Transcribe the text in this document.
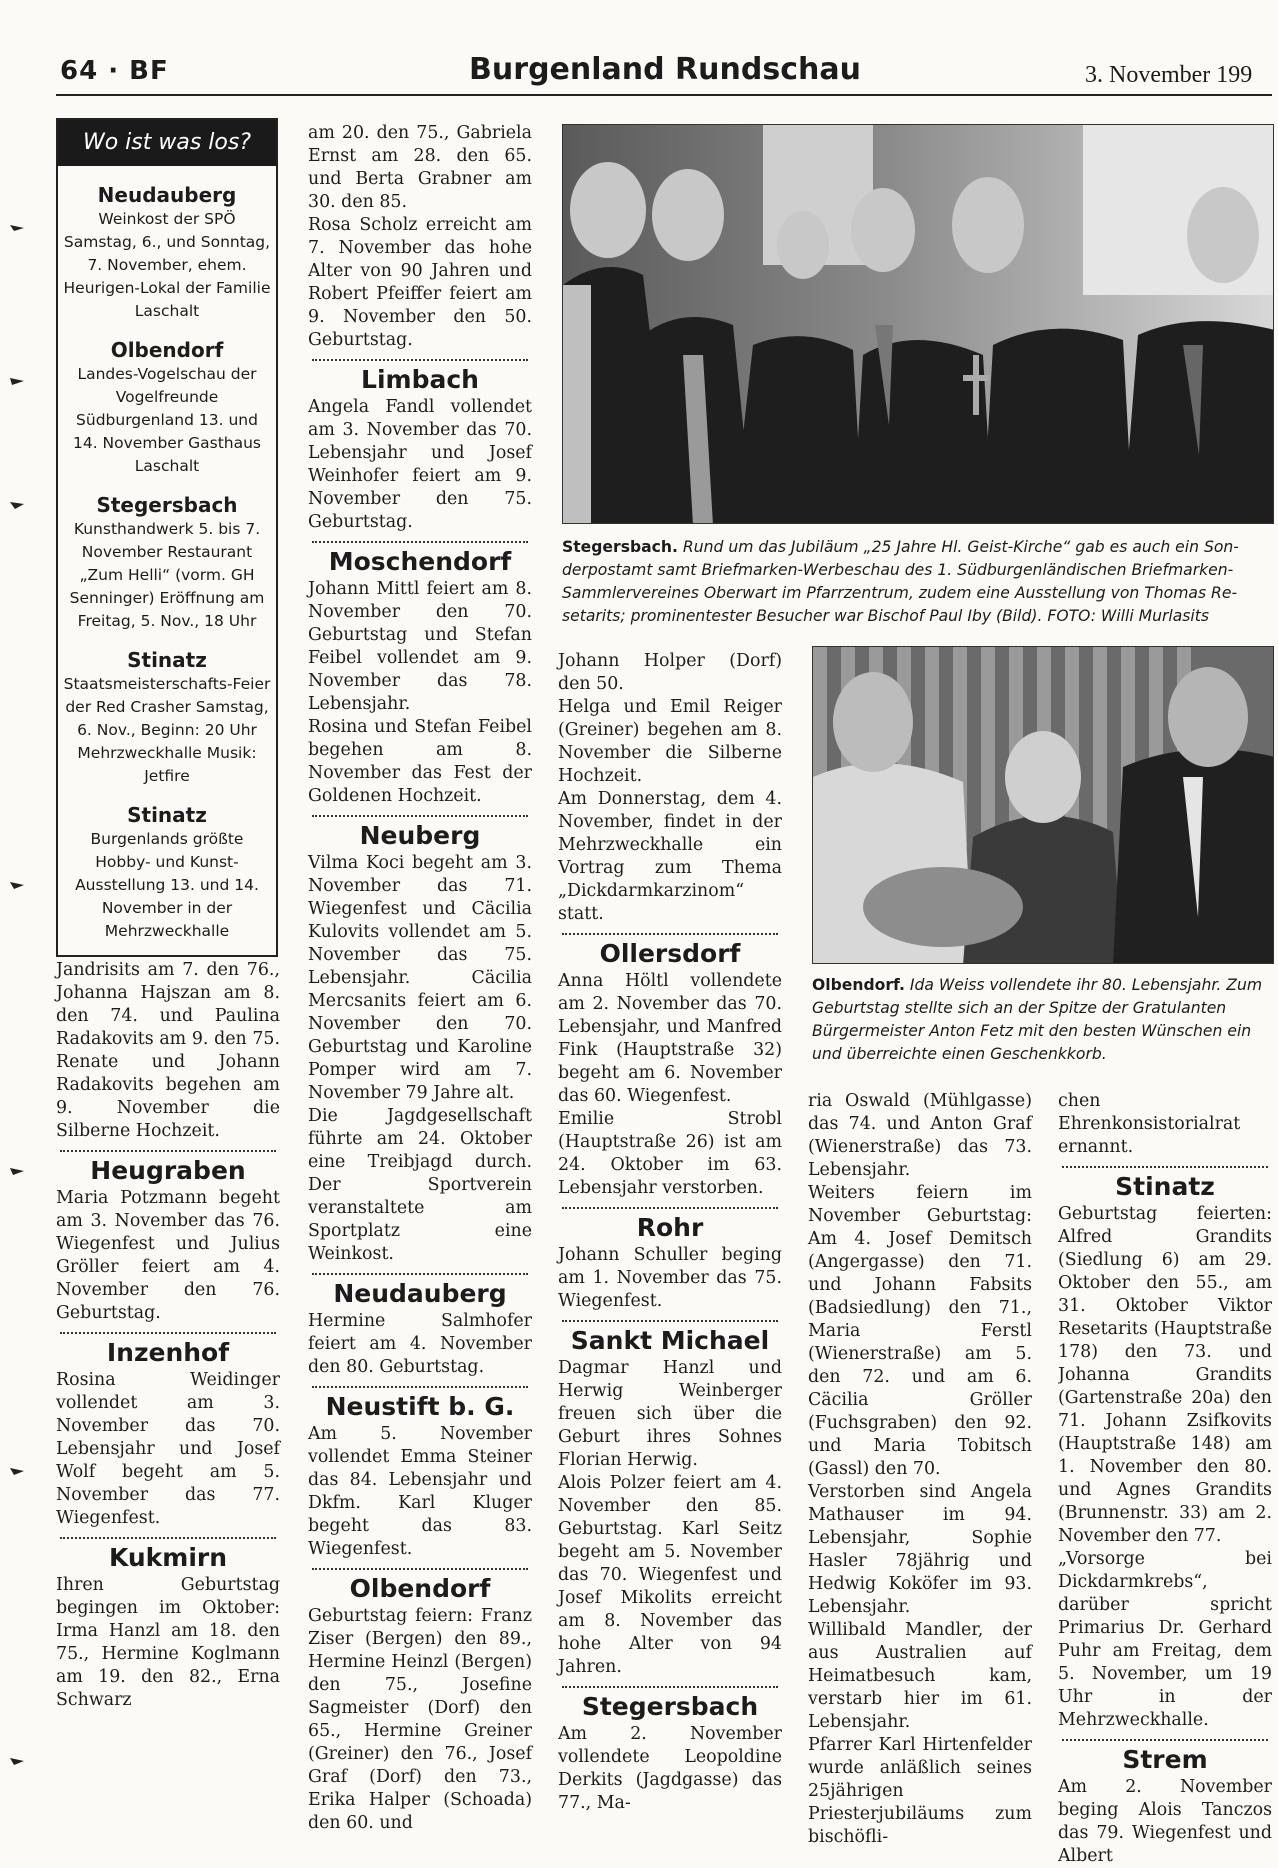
64 · BF	Burgenland Rundschau	3. November 199
Wo ist was los?
Neudauberg
Weinkost der SPÖ Samstag, 6., und Sonntag, 7. November, ehem. Heurigen-Lokal der Familie Laschalt
Olbendorf
Landes-Vogelschau der Vogelfreunde Südburgenland 13. und 14. November Gasthaus Laschalt
Stegersbach
Kunsthandwerk 5. bis 7. November Restaurant „Zum Helli“ (vorm. GH Senninger) Eröffnung am Freitag, 5. Nov., 18 Uhr
Stinatz
Staatsmeisterschafts-Feier der Red Crasher Samstag, 6. Nov., Beginn: 20 Uhr Mehrzweckhalle Musik: Jetfire
Stinatz
Burgenlands größte Hobby- und Kunst-Ausstellung 13. und 14. November in der Mehrzweckhalle

Jandrisits am 7. den 76., Johanna Hajszan am 8. den 74. und Paulina Radakovits am 9. den 75. Renate und Johann Radakovits begehen am 9. November die Silberne Hochzeit.

Heugraben

Maria Potzmann begeht am 3. November das 76. Wiegenfest und Julius Gröller feiert am 4. November den 76. Geburtstag.

Inzenhof

Rosina Weidinger vollendet am 3. November das 70. Lebensjahr und Josef Wolf begeht am 5. November das 77. Wiegenfest.

Kukmirn

Ihren Geburtstag begingen im Oktober: Irma Hanzl am 18. den 75., Hermine Koglmann am 19. den 82., Erna Schwarz

am 20. den 75., Gabriela Ernst am 28. den 65. und Berta Grabner am 30. den 85.

Rosa Scholz erreicht am 7. November das hohe Alter von 90 Jahren und Robert Pfeiffer feiert am 9. November den 50. Geburtstag.

Limbach

Angela Fandl vollendet am 3. November das 70. Lebensjahr und Josef Weinhofer feiert am 9. November den 75. Geburtstag.

Moschendorf

Johann Mittl feiert am 8. November den 70. Geburtstag und Stefan Feibel vollendet am 9. November das 78. Lebensjahr.

Rosina und Stefan Feibel begehen am 8. November das Fest der Goldenen Hochzeit.

Neuberg

Vilma Koci begeht am 3. November das 71. Wiegenfest und Cäcilia Kulovits vollendet am 5. November das 75. Lebensjahr. Cäcilia Mercsanits feiert am 6. November den 70. Geburtstag und Karoline Pomper wird am 7. November 79 Jahre alt.

Die Jagdgesellschaft führte am 24. Oktober eine Treibjagd durch. Der Sportverein veranstaltete am Sportplatz eine Weinkost.

Neudauberg

Hermine Salmhofer feiert am 4. November den 80. Geburtstag.

Neustift b. G.

Am 5. November vollendet Emma Steiner das 84. Lebensjahr und Dkfm. Karl Kluger begeht das 83. Wiegenfest.

Olbendorf

Geburtstag feiern: Franz Ziser (Bergen) den 89., Hermine Heinzl (Bergen) den 75., Josefine Sagmeister (Dorf) den 65., Hermine Greiner (Greiner) den 76., Josef Graf (Dorf) den 73., Erika Halper (Schoada) den 60. und

Stegersbach. Rund um das Jubiläum „25 Jahre Hl. Geist-Kirche“ gab es auch ein Son-
derpostamt samt Briefmarken-Werbeschau des 1. Südburgenländischen Briefmarken-
Sammlervereines Oberwart im Pfarrzentrum, zudem eine Ausstellung von Thomas Re-
setarits; prominentester Besucher war Bischof Paul Iby (Bild). FOTO: Willi Murlasits

Johann Holper (Dorf) den 50.

Helga und Emil Reiger (Greiner) begehen am 8. November die Silberne Hochzeit.

Am Donnerstag, dem 4. November, findet in der Mehrzweckhalle ein Vortrag zum Thema „Dickdarmkarzinom“ statt.

Ollersdorf

Anna Höltl vollendete am 2. November das 70. Lebensjahr, und Manfred Fink (Hauptstraße 32) begeht am 6. November das 60. Wiegenfest.

Emilie Strobl (Hauptstraße 26) ist am 24. Oktober im 63. Lebensjahr verstorben.

Rohr

Johann Schuller beging am 1. November das 75. Wiegenfest.

Sankt Michael

Dagmar Hanzl und Herwig Weinberger freuen sich über die Geburt ihres Sohnes Florian Herwig.

Alois Polzer feiert am 4. November den 85. Geburtstag. Karl Seitz begeht am 5. November das 70. Wiegenfest und Josef Mikolits erreicht am 8. November das hohe Alter von 94 Jahren.

Stegersbach

Am 2. November vollendete Leopoldine Derkits (Jagdgasse) das 77., Ma-

Olbendorf. Ida Weiss vollendete ihr 80. Lebensjahr. Zum
Geburtstag stellte sich an der Spitze der Gratulanten
Bürgermeister Anton Fetz mit den besten Wünschen ein
und überreichte einen Geschenkkorb.

ria Oswald (Mühlgasse) das 74. und Anton Graf (Wienerstraße) das 73. Lebensjahr.

Weiters feiern im November Geburtstag: Am 4. Josef Demitsch (Angergasse) den 71. und Johann Fabsits (Badsiedlung) den 71., Maria Ferstl (Wienerstraße) am 5. den 72. und am 6. Cäcilia Gröller (Fuchsgraben) den 92. und Maria Tobitsch (Gassl) den 70.

Verstorben sind Angela Mathauser im 94. Lebensjahr, Sophie Hasler 78jährig und Hedwig Koköfer im 93. Lebensjahr.

Willibald Mandler, der aus Australien auf Heimatbesuch kam, verstarb hier im 61. Lebensjahr.

Pfarrer Karl Hirtenfelder wurde anläßlich seines 25jährigen Priesterjubiläums zum bischöfli-

chen Ehrenkonsistorialrat ernannt.

Stinatz

Geburtstag feierten: Alfred Grandits (Siedlung 6) am 29. Oktober den 55., am 31. Oktober Viktor Resetarits (Hauptstraße 178) den 73. und Johanna Grandits (Gartenstraße 20a) den 71. Johann Zsifkovits (Hauptstraße 148) am 1. November den 80. und Agnes Grandits (Brunnenstr. 33) am 2. November den 77.

„Vorsorge bei Dickdarmkrebs“, darüber spricht Primarius Dr. Gerhard Puhr am Freitag, dem 5. November, um 19 Uhr in der Mehrzweckhalle.

Strem

Am 2. November beging Alois Tanczos das 79. Wiegenfest und Albert
